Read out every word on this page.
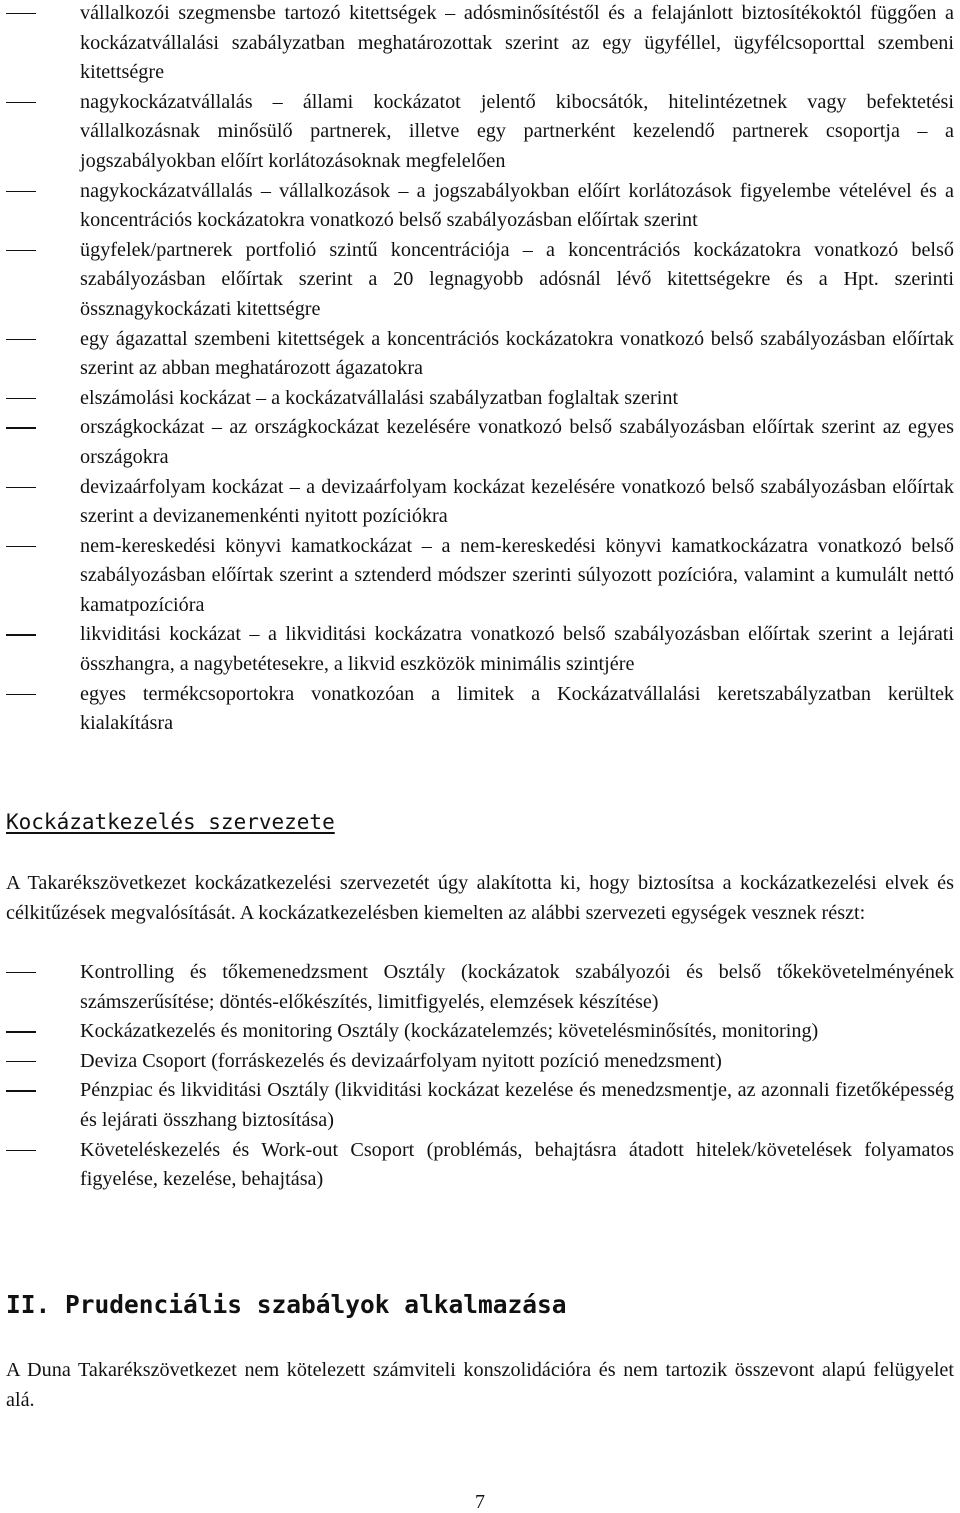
vállalkozói szegmensbe tartozó kitettségek – adósminősítéstől és a felajánlott biztosítékoktól függően a kockázatvállalási szabályzatban meghatározottak szerint az egy ügyféllel, ügyfélcsoporttal szembeni kitettségre
nagykockázatvállalás – állami kockázatot jelentő kibocsátók, hitelintézetnek vagy befektetési vállalkozásnak minősülő partnerek, illetve egy partnerként kezelendő partnerek csoportja – a jogszabályokban előírt korlátozásoknak megfelelően
nagykockázatvállalás – vállalkozások – a jogszabályokban előírt korlátozások figyelembe vételével és a koncentrációs kockázatokra vonatkozó belső szabályozásban előírtak szerint
ügyfelek/partnerek portfolió szintű koncentrációja – a koncentrációs kockázatokra vonatkozó belső szabályozásban előírtak szerint a 20 legnagyobb adósnál lévő kitettségekre és a Hpt. szerinti össznagykockázati kitettségre
egy ágazattal szembeni kitettségek a koncentrációs kockázatokra vonatkozó belső szabályozásban előírtak szerint az abban meghatározott ágazatokra
elszámolási kockázat – a kockázatvállalási szabályzatban foglaltak szerint
országkockázat – az országkockázat kezelésére vonatkozó belső szabályozásban előírtak szerint az egyes országokra
devizaárfolyam kockázat – a devizaárfolyam kockázat kezelésére vonatkozó belső szabályozásban előírtak szerint a devizanemenkénti nyitott pozíciókra
nem-kereskedési könyvi kamatkockázat – a nem-kereskedési könyvi kamatkockázatra vonatkozó belső szabályozásban előírtak szerint a sztenderd módszer szerinti súlyozott pozícióra, valamint a kumulált nettó kamatpozícióra
likviditási kockázat – a likviditási kockázatra vonatkozó belső szabályozásban előírtak szerint a lejárati összhangra, a nagybetétesekre, a likvid eszközök minimális szintjére
egyes termékcsoportokra vonatkozóan a limitek a Kockázatvállalási keretszabályzatban kerültek kialakításra
Kockázatkezelés szervezete

A Takarékszövetkezet kockázatkezelési szervezetét úgy alakította ki, hogy biztosítsa a kockázatkezelési elvek és célkitűzések megvalósítását. A kockázatkezelésben kiemelten az alábbi szervezeti egységek vesznek részt:

Kontrolling és tőkemenedzsment Osztály (kockázatok szabályozói és belső tőkekövetelményének számszerűsítése; döntés-előkészítés, limitfigyelés, elemzések készítése)
Kockázatkezelés és monitoring Osztály (kockázatelemzés; követelésminősítés, monitoring)
Deviza Csoport (forráskezelés és devizaárfolyam nyitott pozíció menedzsment)
Pénzpiac és likviditási Osztály (likviditási kockázat kezelése és menedzsmentje, az azonnali fizetőképesség és lejárati összhang biztosítása)
Követeléskezelés és Work-out Csoport (problémás, behajtásra átadott hitelek/követelések folyamatos figyelése, kezelése, behajtása)
II. Prudenciális szabályok alkalmazása

A Duna Takarékszövetkezet nem kötelezett számviteli konszolidációra és nem tartozik összevont alapú felügyelet alá.

7
